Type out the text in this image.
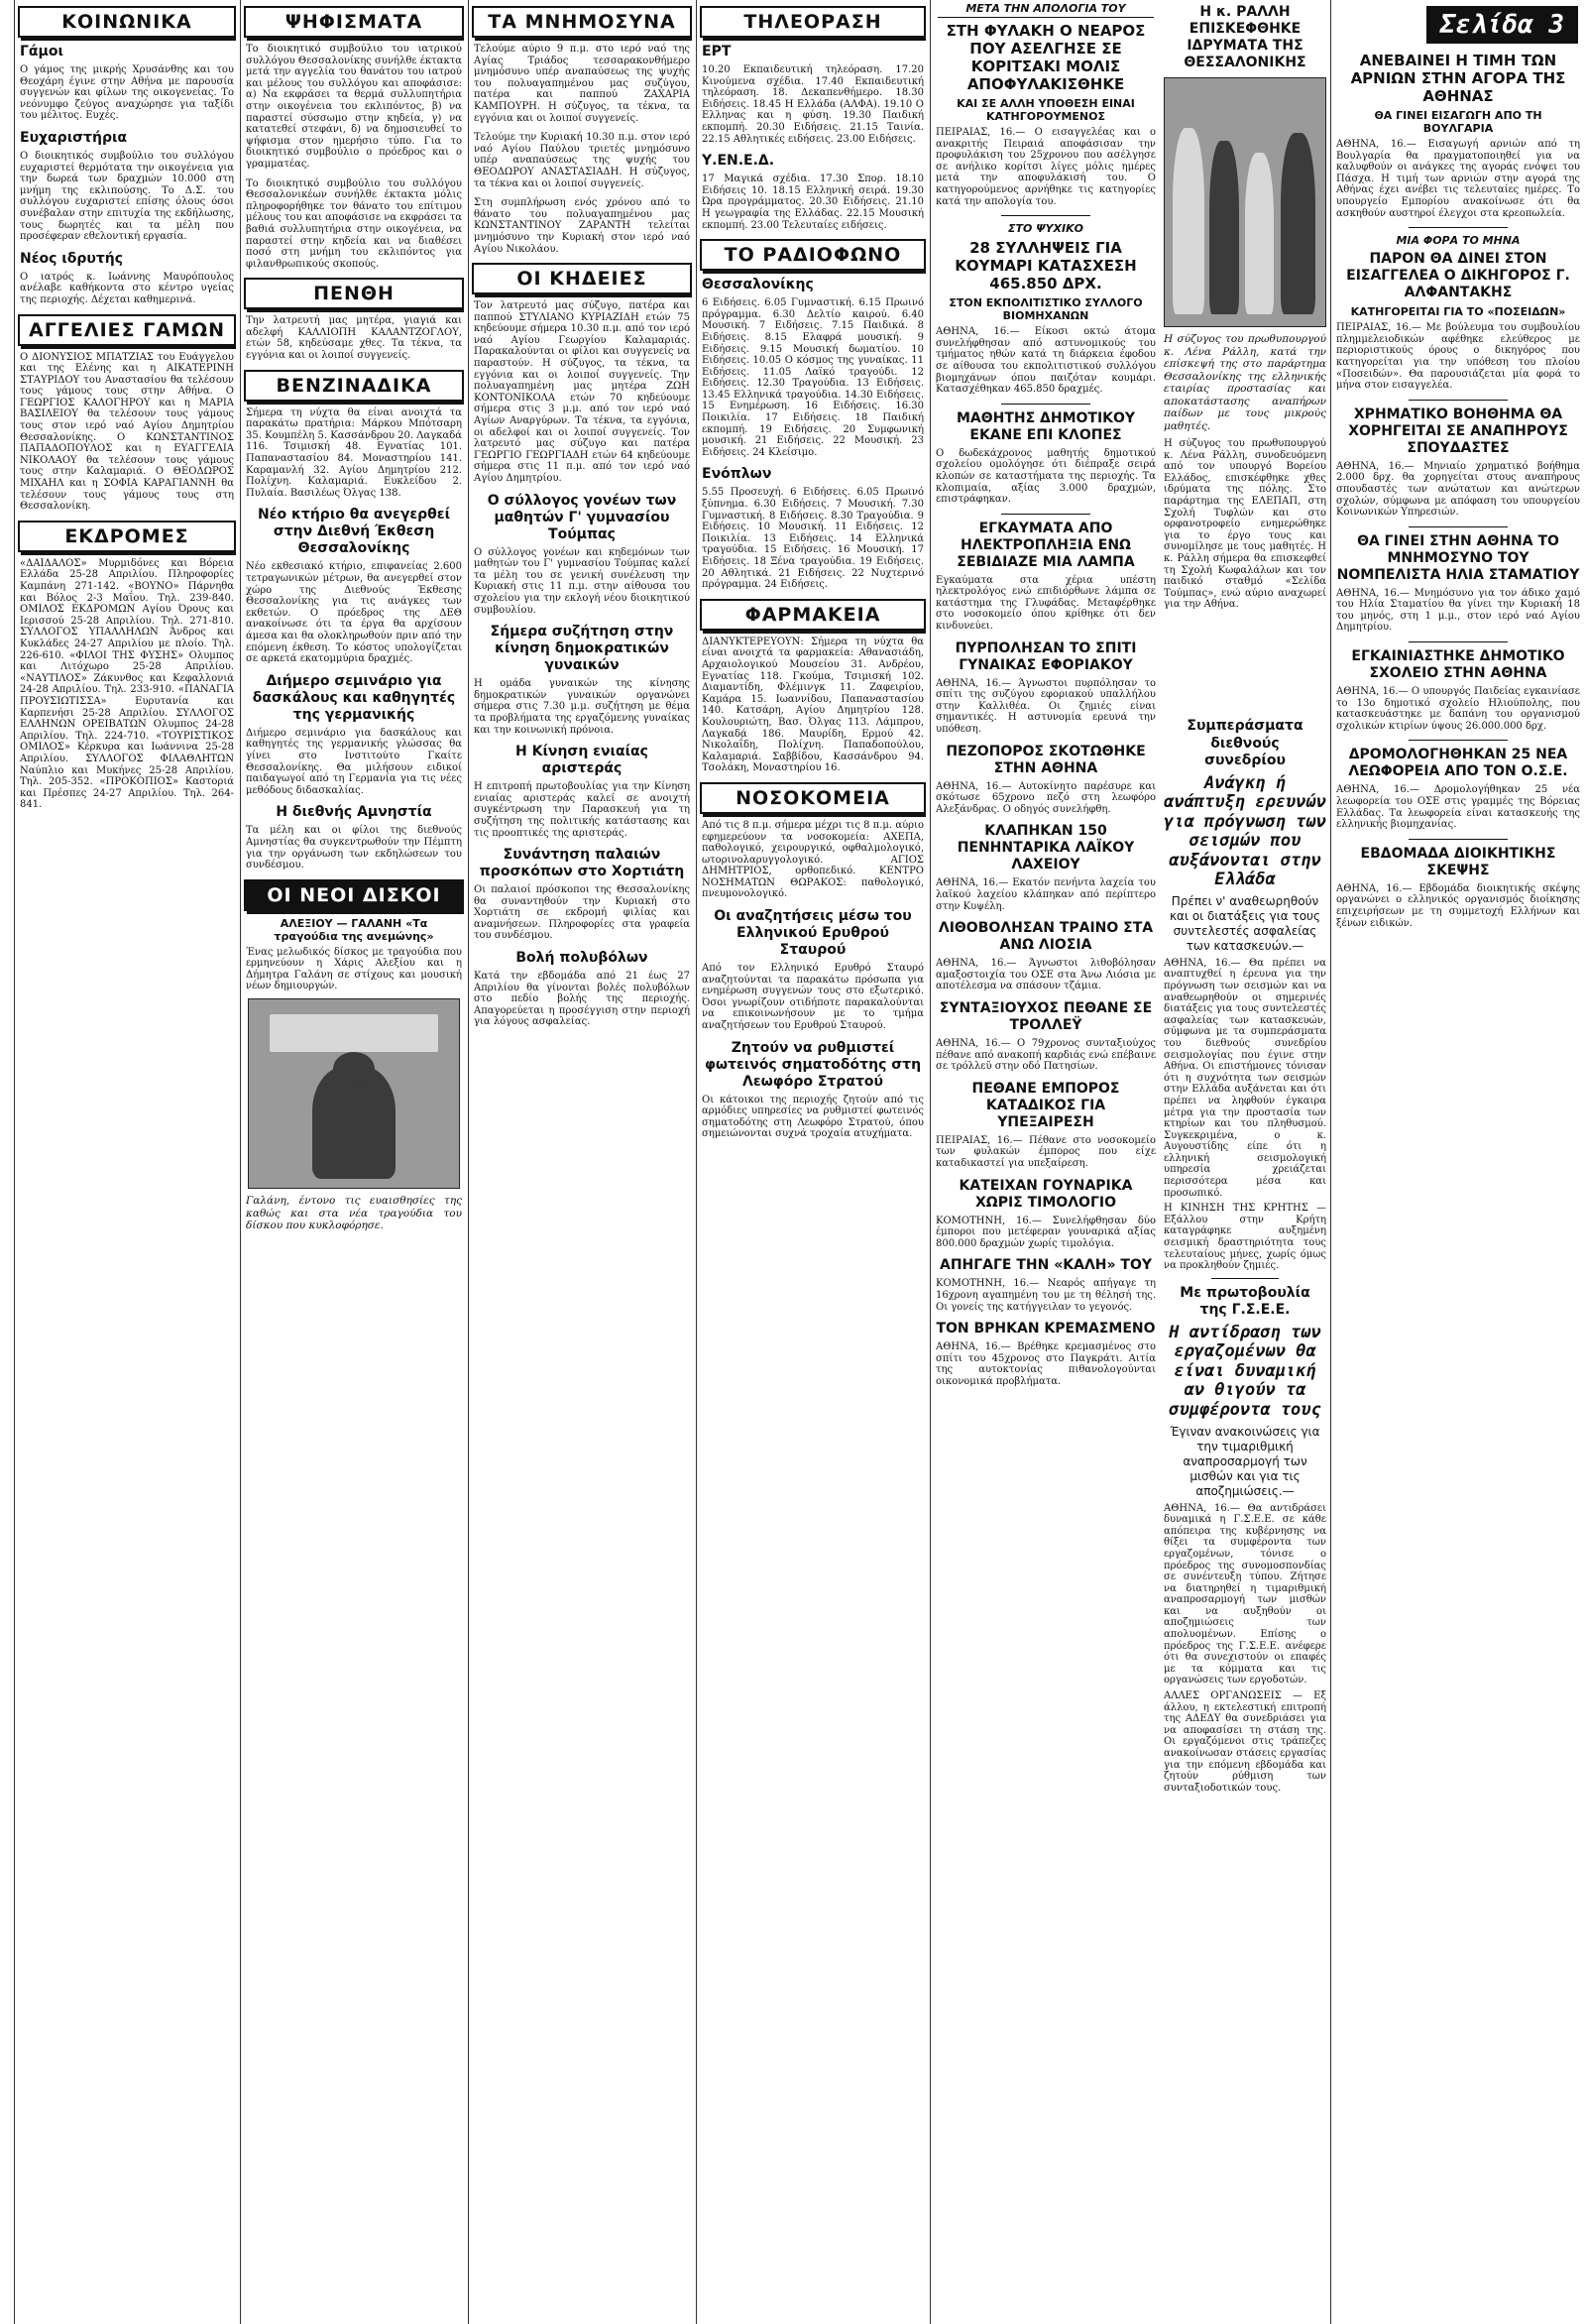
ΚΟΙΝΩΝΙΚΑ
Γάμοι
Ο γάμος της μικρής Χρυσάνθης και του Θεοχάρη έγινε στην Αθήνα με παρουσία συγγενών και φίλων της οικογενείας. Το νεόνυμφο ζεύγος αναχώρησε για ταξίδι του μέλιτος. Ευχές.
Ευχαριστήρια
Ο διοικητικός συμβούλιο του συλλόγου ευχαριστεί θερμότατα την οικογένεια για την δωρεά των δραχμών 10.000 στη μνήμη της εκλιπούσης. Το Δ.Σ. του συλλόγου ευχαριστεί επίσης όλους όσοι συνέβαλαν στην επιτυχία της εκδήλωσης, τους δωρητές και τα μέλη που προσέφεραν εθελοντική εργασία.
Νέος ιδρυτής
Ο ιατρός κ. Ιωάννης Μαυρόπουλος ανέλαβε καθήκοντα στο κέντρο υγείας της περιοχής. Δέχεται καθημερινά.
ΑΓΓΕΛΙΕΣ ΓΑΜΩΝ
Ο ΔΙΟΝΥΣΙΟΣ ΜΠΑΤΖΙΑΣ του Ευάγγελου και της Ελένης και η ΑΙΚΑΤΕΡΙΝΗ ΣΤΑΥΡΙΔΟΥ του Αναστασίου θα τελέσουν τους γάμους τους στην Αθήνα. Ο ΓΕΩΡΓΙΟΣ ΚΑΛΟΓΗΡΟΥ και η ΜΑΡΙΑ ΒΑΣΙΛΕΙΟΥ θα τελέσουν τους γάμους τους στον ιερό ναό Αγίου Δημητρίου Θεσσαλονίκης. Ο ΚΩΝΣΤΑΝΤΙΝΟΣ ΠΑΠΑΔΟΠΟΥΛΟΣ και η ΕΥΑΓΓΕΛΙΑ ΝΙΚΟΛΑΟΥ θα τελέσουν τους γάμους τους στην Καλαμαριά. Ο ΘΕΟΔΩΡΟΣ ΜΙΧΑΗΛ και η ΣΟΦΙΑ ΚΑΡΑΓΙΑΝΝΗ θα τελέσουν τους γάμους τους στη Θεσσαλονίκη.
ΕΚΔΡΟΜΕΣ
«ΔΑΙΔΑΛΟΣ» Μυρμιδόνες και Βόρεια Ελλάδα 25-28 Απριλίου. Πληροφορίες Καμπάνη 271-142. «ΒΟΥΝΟ» Πάρνηθα και Βόλος 2-3 Μαΐου. Τηλ. 239-840. ΟΜΙΛΟΣ ΕΚΔΡΟΜΩΝ Αγίου Όρους και Ιερισσού 25-28 Απριλίου. Τηλ. 271-810. ΣΥΛΛΟΓΟΣ ΥΠΑΛΛΗΛΩΝ Άνδρος και Κυκλάδες 24-27 Απριλίου με πλοίο. Τηλ. 226-610. «ΦΙΛΟΙ ΤΗΣ ΦΥΣΗΣ» Ολυμπος και Λιτόχωρο 25-28 Απριλίου. «ΝΑΥΤΙΛΟΣ» Ζάκυνθος και Κεφαλλονιά 24-28 Απριλίου. Τηλ. 233-910. «ΠΑΝΑΓΙΑ ΠΡΟΥΣΙΩΤΙΣΣΑ» Ευρυτανία και Καρπενήσι 25-28 Απριλίου. ΣΥΛΛΟΓΟΣ ΕΛΛΗΝΩΝ ΟΡΕΙΒΑΤΩΝ Ολυμπος 24-28 Απριλίου. Τηλ. 224-710. «ΤΟΥΡΙΣΤΙΚΟΣ ΟΜΙΛΟΣ» Κέρκυρα και Ιωάννινα 25-28 Απριλίου. ΣΥΛΛΟΓΟΣ ΦΙΛΑΘΛΗΤΩΝ Ναύπλιο και Μυκήνες 25-28 Απριλίου. Τηλ. 205-352. «ΠΡΟΚΟΠΙΟΣ» Καστοριά και Πρέσπες 24-27 Απριλίου. Τηλ. 264-841.
ΨΗΦΙΣΜΑΤΑ
Το διοικητικό συμβούλιο του ιατρικού συλλόγου Θεσσαλονίκης συνήλθε έκτακτα μετά την αγγελία του θανάτου του ιατρού και μέλους του συλλόγου και αποφάσισε: α) Να εκφράσει τα θερμά συλλυπητήρια στην οικογένεια του εκλιπόντος, β) να παραστεί σύσσωμο στην κηδεία, γ) να κατατεθεί στεφάνι, δ) να δημοσιευθεί το ψήφισμα στον ημερήσιο τύπο. Για το διοικητικό συμβούλιο ο πρόεδρος και ο γραμματέας.
Το διοικητικό συμβούλιο του συλλόγου Θεσσαλονικέων συνήλθε έκτακτα μόλις πληροφορήθηκε τον θάνατο του επίτιμου μέλους του και αποφάσισε να εκφράσει τα βαθιά συλλυπητήρια στην οικογένεια, να παραστεί στην κηδεία και να διαθέσει ποσό στη μνήμη του εκλιπόντος για φιλανθρωπικούς σκοπούς.
ΠΕΝΘΗ
Την λατρευτή μας μητέρα, γιαγιά και αδελφή ΚΑΛΛΙΟΠΗ ΚΑΛΑΝΤΖΟΓΛΟΥ, ετών 58, κηδεύσαμε χθες. Τα τέκνα, τα εγγόνια και οι λοιποί συγγενείς.
ΒΕΝΖΙΝΑΔΙΚΑ
Σήμερα τη νύχτα θα είναι ανοιχτά τα παρακάτω πρατήρια: Μάρκου Μπότσαρη 35. Κουμπέλη 5. Κασσάνδρου 20. Λαγκαδά 116. Τσιμισκή 48. Εγνατίας 101. Παπαναστασίου 84. Μοναστηρίου 141. Καραμανλή 32. Αγίου Δημητρίου 212. Πολίχνη. Καλαμαριά. Ευκλείδου 2. Πυλαία. Βασιλέως Όλγας 138.
Νέο κτήριο θα ανεγερθεί στην Διεθνή Έκθεση Θεσσαλονίκης
Νέο εκθεσιακό κτήριο, επιφανείας 2.600 τετραγωνικών μέτρων, θα ανεγερθεί στον χώρο της Διεθνούς Έκθεσης Θεσσαλονίκης για τις ανάγκες των εκθετών. Ο πρόεδρος της ΔΕΘ ανακοίνωσε ότι τα έργα θα αρχίσουν άμεσα και θα ολοκληρωθούν πριν από την επόμενη έκθεση. Το κόστος υπολογίζεται σε αρκετά εκατομμύρια δραχμές.
Διήμερο σεμινάριο για δασκάλους και καθηγητές της γερμανικής
Διήμερο σεμινάριο για δασκάλους και καθηγητές της γερμανικής γλώσσας θα γίνει στο Ινστιτούτο Γκαίτε Θεσσαλονίκης. Θα μιλήσουν ειδικοί παιδαγωγοί από τη Γερμανία για τις νέες μεθόδους διδασκαλίας.
Η διεθνής Αμνηστία
Τα μέλη και οι φίλοι της διεθνούς Αμνηστίας θα συγκεντρωθούν την Πέμπτη για την οργάνωση των εκδηλώσεων του συνδέσμου.
ΟΙ ΝΕΟΙ ΔΙΣΚΟΙ
ΑΛΕΞΙΟΥ — ΓΑΛΑΝΗ «Τα τραγούδια της ανεμώνης»
Ένας μελωδικός δίσκος με τραγούδια που ερμηνεύουν η Χάρις Αλεξίου και η Δήμητρα Γαλάνη σε στίχους και μουσική νέων δημιουργών.
Γαλάνη, έντονο τις ευαισθησίες της καθώς και στα νέα τραγούδια του δίσκου που κυκλοφόρησε.
ΤΑ ΜΝΗΜΟΣΥΝΑ
Τελούμε αύριο 9 π.μ. στο ιερό ναό της Αγίας Τριάδος τεσσαρακονθήμερο μνημόσυνο υπέρ αναπαύσεως της ψυχής του πολυαγαπημένου μας συζύγου, πατέρα και παππού ΖΑΧΑΡΙΑ ΚΑΜΠΟΥΡΗ. Η σύζυγος, τα τέκνα, τα εγγόνια και οι λοιποί συγγενείς.
Τελούμε την Κυριακή 10.30 π.μ. στον ιερό ναό Αγίου Παύλου τριετές μνημόσυνο υπέρ αναπαύσεως της ψυχής του ΘΕΟΔΩΡΟΥ ΑΝΑΣΤΑΣΙΑΔΗ. Η σύζυγος, τα τέκνα και οι λοιποί συγγενείς.
Στη συμπλήρωση ενός χρόνου από το θάνατο του πολυαγαπημένου μας ΚΩΝΣΤΑΝΤΙΝΟΥ ΖΑΡΑΝΤΗ τελείται μνημόσυνο την Κυριακή στον ιερό ναό Αγίου Νικολάου.
ΟΙ ΚΗΔΕΙΕΣ
Τον λατρευτό μας σύζυγο, πατέρα και παππού ΣΤΥΛΙΑΝΟ ΚΥΡΙΑΖΙΔΗ ετών 75 κηδεύουμε σήμερα 10.30 π.μ. από τον ιερό ναό Αγίου Γεωργίου Καλαμαριάς. Παρακαλούνται οι φίλοι και συγγενείς να παραστούν. Η σύζυγος, τα τέκνα, τα εγγόνια και οι λοιποί συγγενείς. Την πολυαγαπημένη μας μητέρα ΖΩΗ ΚΟΝΤΟΝΙΚΟΛΑ ετών 70 κηδεύουμε σήμερα στις 3 μ.μ. από τον ιερό ναό Αγίων Αναργύρων. Τα τέκνα, τα εγγόνια, οι αδελφοί και οι λοιποί συγγενείς. Τον λατρευτό μας σύζυγο και πατέρα ΓΕΩΡΓΙΟ ΓΕΩΡΓΙΑΔΗ ετών 64 κηδεύουμε σήμερα στις 11 π.μ. από τον ιερό ναό Αγίου Δημητρίου.
Ο σύλλογος γονέων των μαθητών Γ' γυμνασίου Τούμπας
Ο σύλλογος γονέων και κηδεμόνων των μαθητών του Γ' γυμνασίου Τούμπας καλεί τα μέλη του σε γενική συνέλευση την Κυριακή στις 11 π.μ. στην αίθουσα του σχολείου για την εκλογή νέου διοικητικού συμβουλίου.
Σήμερα συζήτηση στην κίνηση δημοκρατικών γυναικών
Η ομάδα γυναικών της κίνησης δημοκρατικών γυναικών οργανώνει σήμερα στις 7.30 μ.μ. συζήτηση με θέμα τα προβλήματα της εργαζόμενης γυναίκας και την κοινωνική πρόνοια.
Η Κίνηση ενιαίας αριστεράς
Η επιτροπή πρωτοβουλίας για την Κίνηση ενιαίας αριστεράς καλεί σε ανοιχτή συγκέντρωση την Παρασκευή για τη συζήτηση της πολιτικής κατάστασης και τις προοπτικές της αριστεράς.
Συνάντηση παλαιών προσκόπων στο Χορτιάτη
Οι παλαιοί πρόσκοποι της Θεσσαλονίκης θα συναντηθούν την Κυριακή στο Χορτιάτη σε εκδρομή φιλίας και αναμνήσεων. Πληροφορίες στα γραφεία του συνδέσμου.
Βολή πολυβόλων
Κατά την εβδομάδα από 21 έως 27 Απριλίου θα γίνονται βολές πολυβόλων στο πεδίο βολής της περιοχής. Απαγορεύεται η προσέγγιση στην περιοχή για λόγους ασφαλείας.
ΤΗΛΕΟΡΑΣΗ
ΕΡΤ
10.20 Εκπαιδευτική τηλεόραση. 17.20 Κινούμενα σχέδια. 17.40 Εκπαιδευτική τηλεόραση. 18. Δεκαπενθήμερο. 18.30 Ειδήσεις. 18.45 Η Ελλάδα (ΑΛΦΑ). 19.10 Ο Ελληνας και η φύση. 19.30 Παιδική εκπομπή. 20.30 Ειδήσεις. 21.15 Ταινία. 22.15 Αθλητικές ειδήσεις. 23.00 Ειδήσεις.
Υ.ΕΝ.Ε.Δ.
17 Μαγικά σχέδια. 17.30 Σπορ. 18.10 Ειδήσεις 10. 18.15 Ελληνική σειρά. 19.30 Ώρα προγράμματος. 20.30 Ειδήσεις. 21.10 Η γεωγραφία της Ελλάδας. 22.15 Μουσική εκπομπή. 23.00 Τελευταίες ειδήσεις.
ΤΟ ΡΑΔΙΟΦΩΝΟ
Θεσσαλονίκης
6 Ειδήσεις. 6.05 Γυμναστική. 6.15 Πρωινό πρόγραμμα. 6.30 Δελτίο καιρού. 6.40 Μουσική. 7 Ειδήσεις. 7.15 Παιδικά. 8 Ειδήσεις. 8.15 Ελαφρά μουσική. 9 Ειδήσεις. 9.15 Μουσική δωματίου. 10 Ειδήσεις. 10.05 Ο κόσμος της γυναίκας. 11 Ειδήσεις. 11.05 Λαϊκό τραγούδι. 12 Ειδήσεις. 12.30 Τραγούδια. 13 Ειδήσεις. 13.45 Ελληνικά τραγούδια. 14.30 Ειδήσεις. 15 Ενημέρωση. 16 Ειδήσεις. 16.30 Ποικιλία. 17 Ειδήσεις. 18 Παιδική εκπομπή. 19 Ειδήσεις. 20 Συμφωνική μουσική. 21 Ειδήσεις. 22 Μουσική. 23 Ειδήσεις. 24 Κλείσιμο.
Ενόπλων
5.55 Προσευχή. 6 Ειδήσεις. 6.05 Πρωινό ξύπνημα. 6.30 Ειδήσεις. 7 Μουσική. 7.30 Γυμναστική. 8 Ειδήσεις. 8.30 Τραγούδια. 9 Ειδήσεις. 10 Μουσική. 11 Ειδήσεις. 12 Ποικιλία. 13 Ειδήσεις. 14 Ελληνικά τραγούδια. 15 Ειδήσεις. 16 Μουσική. 17 Ειδήσεις. 18 Ξένα τραγούδια. 19 Ειδήσεις. 20 Αθλητικά. 21 Ειδήσεις. 22 Νυχτερινό πρόγραμμα. 24 Ειδήσεις.
ΦΑΡΜΑΚΕΙΑ
ΔΙΑΝΥΚΤΕΡΕΥΟΥΝ: Σήμερα τη νύχτα θα είναι ανοιχτά τα φαρμακεία: Αθανασιάδη, Αρχαιολογικού Μουσείου 31. Ανδρέου, Εγνατίας 118. Γκούμα, Τσιμισκή 102. Διαμαντίδη, Φλέμινγκ 11. Ζαφειρίου, Καμάρα 15. Ιωαννίδου, Παπαναστασίου 140. Κατσάρη, Αγίου Δημητρίου 128. Κουλουριώτη, Βασ. Όλγας 113. Λάμπρου, Λαγκαδά 186. Μαυρίδη, Ερμού 42. Νικολαΐδη, Πολίχνη. Παπαδοπούλου, Καλαμαριά. Σαββίδου, Κασσάνδρου 94. Τσολάκη, Μοναστηρίου 16.
ΝΟΣΟΚΟΜΕΙΑ
Από τις 8 π.μ. σήμερα μέχρι τις 8 π.μ. αύριο εφημερεύουν τα νοσοκομεία: ΑΧΕΠΑ, παθολογικό, χειρουργικό, οφθαλμολογικό, ωτορινολαρυγγολογικό. ΑΓΙΟΣ ΔΗΜΗΤΡΙΟΣ, ορθοπεδικό. ΚΕΝΤΡΟ ΝΟΣΗΜΑΤΩΝ ΘΩΡΑΚΟΣ: παθολογικό, πνευμονολογικό.
Οι αναζητήσεις μέσω του Ελληνικού Ερυθρού Σταυρού
Από τον Ελληνικό Ερυθρό Σταυρό αναζητούνται τα παρακάτω πρόσωπα για ενημέρωση συγγενών τους στο εξωτερικό. Όσοι γνωρίζουν οτιδήποτε παρακαλούνται να επικοινωνήσουν με το τμήμα αναζητήσεων του Ερυθρού Σταυρού.
Ζητούν να ρυθμιστεί φωτεινός σηματοδότης στη Λεωφόρο Στρατού
Οι κάτοικοι της περιοχής ζητούν από τις αρμόδιες υπηρεσίες να ρυθμιστεί φωτεινός σηματοδότης στη Λεωφόρο Στρατού, όπου σημειώνονται συχνά τροχαία ατυχήματα.
ΜΕΤΑ ΤΗΝ ΑΠΟΛΟΓΙΑ ΤΟΥ
ΣΤΗ ΦΥΛΑΚΗ Ο ΝΕΑΡΟΣ ΠΟΥ ΑΣΕΛΓΗΣΕ ΣΕ ΚΟΡΙΤΣΑΚΙ ΜΟΛΙΣ ΑΠΟΦΥΛΑΚΙΣΘΗΚΕ
ΚΑΙ ΣΕ ΑΛΛΗ ΥΠΟΘΕΣΗ ΕΙΝΑΙ ΚΑΤΗΓΟΡΟΥΜΕΝΟΣ
ΠΕΙΡΑΙΑΣ, 16.— Ο εισαγγελέας και ο ανακριτής Πειραιά αποφάσισαν την προφυλάκιση του 25χρονου που ασέλγησε σε ανήλικο κορίτσι λίγες μόλις ημέρες μετά την αποφυλάκισή του. Ο κατηγορούμενος αρνήθηκε τις κατηγορίες κατά την απολογία του.
ΣΤΟ ΨΥΧΙΚΟ
28 ΣΥΛΛΗΨΕΙΣ ΓΙΑ ΚΟΥΜΑΡΙ ΚΑΤΑΣΧΕΣΗ 465.850 ΔΡΧ.
ΣΤΟΝ ΕΚΠΟΛΙΤΙΣΤΙΚΟ ΣΥΛΛΟΓΟ ΒΙΟΜΗΧΑΝΩΝ
ΑΘΗΝΑ, 16.— Είκοσι οκτώ άτομα συνελήφθησαν από αστυνομικούς του τμήματος ηθών κατά τη διάρκεια έφοδου σε αίθουσα του εκπολιτιστικού συλλόγου βιομηχάνων όπου παιζόταν κουμάρι. Κατασχέθηκαν 465.850 δραχμές.
ΜΑΘΗΤΗΣ ΔΗΜΟΤΙΚΟΥ ΕΚΑΝΕ ΕΠΙ ΚΛΟΠΕΣ
Ο δωδεκάχρονος μαθητής δημοτικού σχολείου ομολόγησε ότι διέπραξε σειρά κλοπών σε καταστήματα της περιοχής. Τα κλοπιμαία, αξίας 3.000 δραχμών, επιστράφηκαν.
ΕΓΚΑΥΜΑΤΑ ΑΠΟ ΗΛΕΚΤΡΟΠΛΗΞΙΑ ΕΝΩ ΣΕΒΙΔΙΑΖΕ ΜΙΑ ΛΑΜΠΑ
Εγκαύματα στα χέρια υπέστη ηλεκτρολόγος ενώ επιδιόρθωνε λάμπα σε κατάστημα της Γλυφάδας. Μεταφέρθηκε στο νοσοκομείο όπου κρίθηκε ότι δεν κινδυνεύει.
ΠΥΡΠΟΛΗΣΑΝ ΤΟ ΣΠΙΤΙ ΓΥΝΑΙΚΑΣ ΕΦΟΡΙΑΚΟΥ
ΑΘΗΝΑ, 16.— Άγνωστοι πυρπόλησαν το σπίτι της συζύγου εφοριακού υπαλλήλου στην Καλλιθέα. Οι ζημιές είναι σημαντικές. Η αστυνομία ερευνά την υπόθεση.
ΠΕΖΟΠΟΡΟΣ ΣΚΟΤΩΘΗΚΕ ΣΤΗΝ ΑΘΗΝΑ
ΑΘΗΝΑ, 16.— Αυτοκίνητο παρέσυρε και σκότωσε 65χρονο πεζό στη λεωφόρο Αλεξάνδρας. Ο οδηγός συνελήφθη.
ΚΛΑΠΗΚΑΝ 150 ΠΕΝΗΝΤΑΡΙΚΑ ΛΑΪΚΟΥ ΛΑΧΕΙΟΥ
ΑΘΗΝΑ, 16.— Εκατόν πενήντα λαχεία του λαϊκού λαχείου κλάπηκαν από περίπτερο στην Κυψέλη.
ΛΙΘΟΒΟΛΗΣΑΝ ΤΡΑΙΝΟ ΣΤΑ ΑΝΩ ΛΙΟΣΙΑ
ΑΘΗΝΑ, 16.— Άγνωστοι λιθοβόλησαν αμαξοστοιχία του ΟΣΕ στα Άνω Λιόσια με αποτέλεσμα να σπάσουν τζάμια.
ΣΥΝΤΑΞΙΟΥΧΟΣ ΠΕΘΑΝΕ ΣΕ ΤΡΟΛΛΕΫ
ΑΘΗΝΑ, 16.— Ο 79χρονος συνταξιούχος πέθανε από ανακοπή καρδιάς ενώ επέβαινε σε τρόλλεϋ στην οδό Πατησίων.
ΠΕΘΑΝΕ ΕΜΠΟΡΟΣ ΚΑΤΑΔΙΚΟΣ ΓΙΑ ΥΠΕΞΑΙΡΕΣΗ
ΠΕΙΡΑΙΑΣ, 16.— Πέθανε στο νοσοκομείο των φυλακών έμπορος που είχε καταδικαστεί για υπεξαίρεση.
ΚΑΤΕΙΧΑΝ ΓΟΥΝΑΡΙΚΑ ΧΩΡΙΣ ΤΙΜΟΛΟΓΙΟ
ΚΟΜΟΤΗΝΗ, 16.— Συνελήφθησαν δύο έμποροι που μετέφεραν γουναρικά αξίας 800.000 δραχμών χωρίς τιμολόγια.
ΑΠΗΓΑΓΕ ΤΗΝ «ΚΑΛΗ» ΤΟΥ
ΚΟΜΟΤΗΝΗ, 16.— Νεαρός απήγαγε τη 16χρονη αγαπημένη του με τη θέλησή της. Οι γονείς της κατήγγειλαν το γεγονός.
ΤΟΝ ΒΡΗΚΑΝ ΚΡΕΜΑΣΜΕΝΟ
ΑΘΗΝΑ, 16.— Βρέθηκε κρεμασμένος στο σπίτι του 45χρονος στο Παγκράτι. Αιτία της αυτοκτονίας πιθανολογούνται οικονομικά προβλήματα.
Η κ. ΡΑΛΛΗ ΕΠΙΣΚΕΦΘΗΚΕ ΙΔΡΥΜΑΤΑ ΤΗΣ ΘΕΣΣΑΛΟΝΙΚΗΣ
Η σύζυγος του πρωθυπουργού κ. Λένα Ράλλη, κατά την επίσκεψή της στο παράρτημα Θεσσαλονίκης της ελληνικής εταιρίας προστασίας και αποκατάστασης αναπήρων παίδων με τους μικρούς μαθητές.
Η σύζυγος του πρωθυπουργού κ. Λένα Ράλλη, συνοδευόμενη από τον υπουργό Βορείου Ελλάδος, επισκέφθηκε χθες ιδρύματα της πόλης. Στο παράρτημα της ΕΛΕΠΑΠ, στη Σχολή Τυφλών και στο ορφανοτροφείο ενημερώθηκε για το έργο τους και συνομίλησε με τους μαθητές. Η κ. Ράλλη σήμερα θα επισκεφθεί τη Σχολή Κωφαλάλων και τον παιδικό σταθμό «Σελίδα Τούμπας», ενώ αύριο αναχωρεί για την Αθήνα.
Σελίδα 3
ΑΝΕΒΑΙΝΕΙ Η ΤΙΜΗ ΤΩΝ ΑΡΝΙΩΝ ΣΤΗΝ ΑΓΟΡΑ ΤΗΣ ΑΘΗΝΑΣ
ΘΑ ΓΙΝΕΙ ΕΙΣΑΓΩΓΗ ΑΠΟ ΤΗ ΒΟΥΛΓΑΡΙΑ
ΑΘΗΝΑ, 16.— Εισαγωγή αρνιών από τη Βουλγαρία θα πραγματοποιηθεί για να καλυφθούν οι ανάγκες της αγοράς ενόψει του Πάσχα. Η τιμή των αρνιών στην αγορά της Αθήνας έχει ανέβει τις τελευταίες ημέρες. Το υπουργείο Εμπορίου ανακοίνωσε ότι θα ασκηθούν αυστηροί έλεγχοι στα κρεοπωλεία.
ΜΙΑ ΦΟΡΑ ΤΟ ΜΗΝΑ
ΠΑΡΟΝ ΘΑ ΔΙΝΕΙ ΣΤΟΝ ΕΙΣΑΓΓΕΛΕΑ Ο ΔΙΚΗΓΟΡΟΣ Γ. ΑΛΦΑΝΤΑΚΗΣ
ΚΑΤΗΓΟΡΕΙΤΑΙ ΓΙΑ ΤΟ «ΠΟΣΕΙΔΩΝ»
ΠΕΙΡΑΙΑΣ, 16.— Με βούλευμα του συμβουλίου πλημμελειοδικών αφέθηκε ελεύθερος με περιοριστικούς όρους ο δικηγόρος που κατηγορείται για την υπόθεση του πλοίου «Ποσειδών». Θα παρουσιάζεται μία φορά το μήνα στον εισαγγελέα.
ΧΡΗΜΑΤΙΚΟ ΒΟΗΘΗΜΑ ΘΑ ΧΟΡΗΓΕΙΤΑΙ ΣΕ ΑΝΑΠΗΡΟΥΣ ΣΠΟΥΔΑΣΤΕΣ
ΑΘΗΝΑ, 16.— Μηνιαίο χρηματικό βοήθημα 2.000 δρχ. θα χορηγείται στους αναπήρους σπουδαστές των ανώτατων και ανώτερων σχολών, σύμφωνα με απόφαση του υπουργείου Κοινωνικών Υπηρεσιών.
ΘΑ ΓΙΝΕΙ ΣΤΗΝ ΑΘΗΝΑ ΤΟ ΜΝΗΜΟΣΥΝΟ ΤΟΥ ΝΟΜΠΕΛΙΣΤΑ ΗΛΙΑ ΣΤΑΜΑΤΙΟΥ
ΑΘΗΝΑ, 16.— Μνημόσυνο για τον άδικο χαμό του Ηλία Σταματίου θα γίνει την Κυριακή 18 του μηνός, στη 1 μ.μ., στον ιερό ναό Αγίου Δημητρίου.
ΕΓΚΑΙΝΙΑΣΤΗΚΕ ΔΗΜΟΤΙΚΟ ΣΧΟΛΕΙΟ ΣΤΗΝ ΑΘΗΝΑ
ΑΘΗΝΑ, 16.— Ο υπουργός Παιδείας εγκαινίασε το 13ο δημοτικό σχολείο Ηλιούπολης, που κατασκευάστηκε με δαπάνη του οργανισμού σχολικών κτιρίων ύψους 26.000.000 δρχ.
ΔΡΟΜΟΛΟΓΗΘΗΚΑΝ 25 ΝΕΑ ΛΕΩΦΟΡΕΙΑ ΑΠΟ ΤΟΝ Ο.Σ.Ε.
ΑΘΗΝΑ, 16.— Δρομολογήθηκαν 25 νέα λεωφορεία του ΟΣΕ στις γραμμές της Βόρειας Ελλάδας. Τα λεωφορεία είναι κατασκευής της ελληνικής βιομηχανίας.
ΕΒΔΟΜΑΔΑ ΔΙΟΙΚΗΤΙΚΗΣ ΣΚΕΨΗΣ
ΑΘΗΝΑ, 16.— Εβδομάδα διοικητικής σκέψης οργανώνει ο ελληνικός οργανισμός διοίκησης επιχειρήσεων με τη συμμετοχή Ελλήνων και ξένων ειδικών.
Συμπεράσματα διεθνούς συνεδρίου
Ανάγκη ή ανάπτυξη ερευνών για πρόγνωση των σεισμών που αυξάνονται στην Ελλάδα
Πρέπει ν' αναθεωρηθούν και οι διατάξεις για τους συντελεστές ασφαλείας των κατασκευών.—
ΑΘΗΝΑ, 16.— Θα πρέπει να αναπτυχθεί η έρευνα για την πρόγνωση των σεισμών και να αναθεωρηθούν οι σημερινές διατάξεις για τους συντελεστές ασφαλείας των κατασκευών, σύμφωνα με τα συμπεράσματα του διεθνούς συνεδρίου σεισμολογίας που έγινε στην Αθήνα. Οι επιστήμονες τόνισαν ότι η συχνότητα των σεισμών στην Ελλάδα αυξάνεται και ότι πρέπει να ληφθούν έγκαιρα μέτρα για την προστασία των κτηρίων και του πληθυσμού. Συγκεκριμένα, ο κ. Αυγουστίδης είπε ότι η ελληνική σεισμολογική υπηρεσία χρειάζεται περισσότερα μέσα και προσωπικό.
Η ΚΙΝΗΣΗ ΤΗΣ ΚΡΗΤΗΣ — Εξάλλου στην Κρήτη καταγράφηκε αυξημένη σεισμική δραστηριότητα τους τελευταίους μήνες, χωρίς όμως να προκληθούν ζημιές.
Με πρωτοβουλία της Γ.Σ.Ε.Ε.
Η αντίδραση των εργαζομένων θα είναι δυναμική αν θιγούν τα συμφέροντα τους
Έγιναν ανακοινώσεις για την τιμαριθμική αναπροσαρμογή των μισθών και για τις αποζημιώσεις.—
ΑΘΗΝΑ, 16.— Θα αντιδράσει δυναμικά η Γ.Σ.Ε.Ε. σε κάθε απόπειρα της κυβέρνησης να θίξει τα συμφέροντα των εργαζομένων, τόνισε ο πρόεδρος της συνομοσπονδίας σε συνέντευξη τύπου. Ζήτησε να διατηρηθεί η τιμαριθμική αναπροσαρμογή των μισθών και να αυξηθούν οι αποζημιώσεις των απολυομένων. Επίσης ο πρόεδρος της Γ.Σ.Ε.Ε. ανέφερε ότι θα συνεχιστούν οι επαφές με τα κόμματα και τις οργανώσεις των εργοδοτών.
ΑΛΛΕΣ ΟΡΓΑΝΩΣΕΙΣ — Εξ άλλου, η εκτελεστική επιτροπή της ΑΔΕΔΥ θα συνεδριάσει για να αποφασίσει τη στάση της. Οι εργαζόμενοι στις τράπεζες ανακοίνωσαν στάσεις εργασίας για την επόμενη εβδομάδα και ζητούν ρύθμιση των συνταξιοδοτικών τους.
